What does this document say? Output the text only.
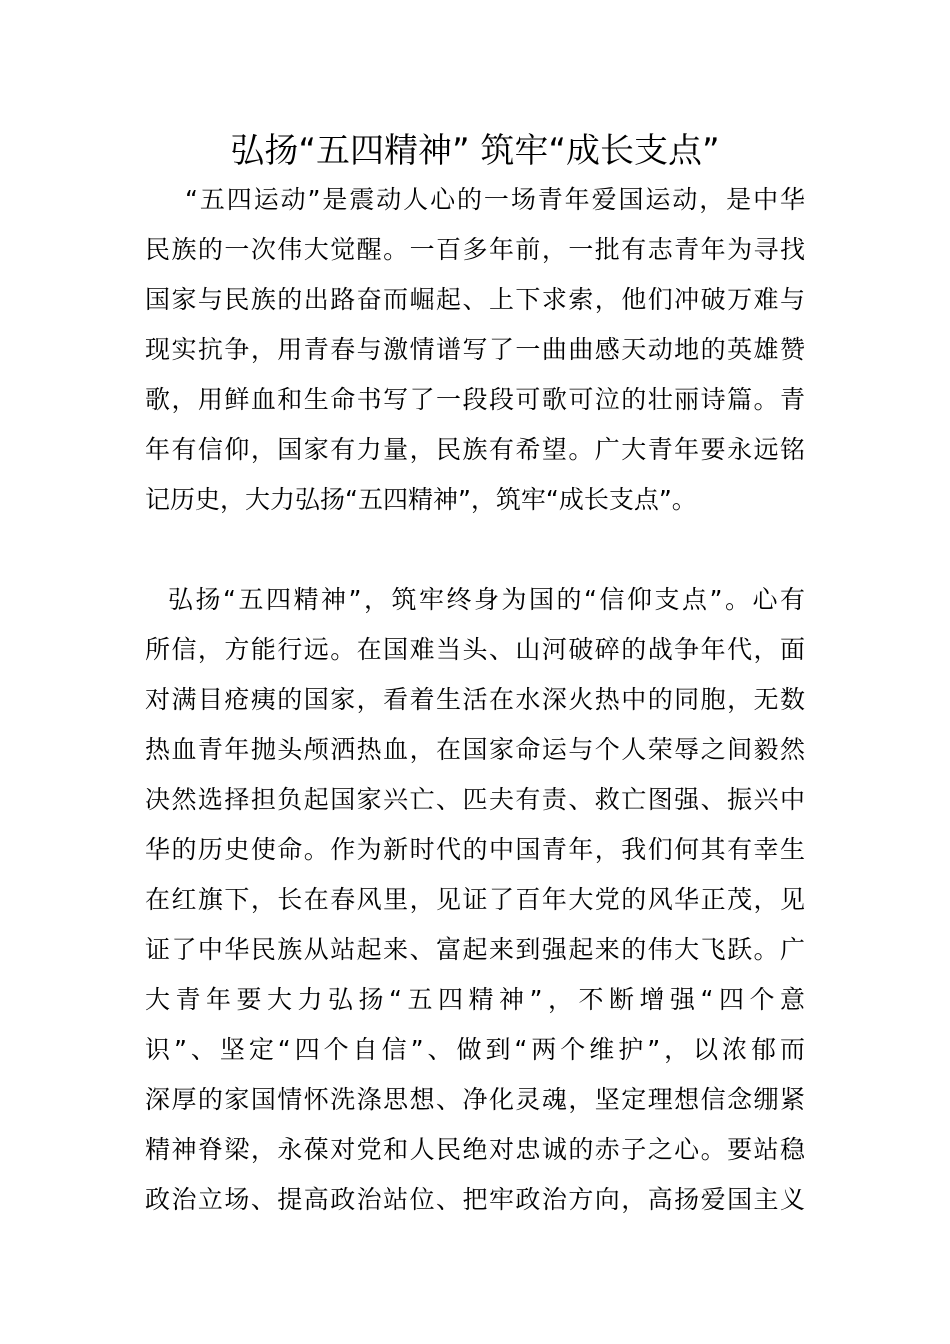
弘扬“五四精神” 筑牢“成长支点”
“五四运动”是震动人心的一场青年爱国运动，是中华
民族的一次伟大觉醒。一百多年前，一批有志青年为寻找
国家与民族的出路奋而崛起、上下求索，他们冲破万难与
现实抗争，用青春与激情谱写了一曲曲感天动地的英雄赞
歌，用鲜血和生命书写了一段段可歌可泣的壮丽诗篇。青
年有信仰，国家有力量，民族有希望。广大青年要永远铭
记历史，大力弘扬“五四精神”，筑牢“成长支点”。
弘扬“五四精神”，筑牢终身为国的“信仰支点”。心有
所信，方能行远。在国难当头、山河破碎的战争年代，面
对满目疮痍的国家，看着生活在水深火热中的同胞，无数
热血青年抛头颅洒热血，在国家命运与个人荣辱之间毅然
决然选择担负起国家兴亡、匹夫有责、救亡图强、振兴中
华的历史使命。作为新时代的中国青年，我们何其有幸生
在红旗下，长在春风里，见证了百年大党的风华正茂，见
证了中华民族从站起来、富起来到强起来的伟大飞跃。广
大青年要大力弘扬“五四精神”，不断增强“四个意
识”、坚定“四个自信”、做到“两个维护”，以浓郁而
深厚的家国情怀洗涤思想、净化灵魂，坚定理想信念绷紧
精神脊梁，永葆对党和人民绝对忠诚的赤子之心。要站稳
政治立场、提高政治站位、把牢政治方向，高扬爱国主义
